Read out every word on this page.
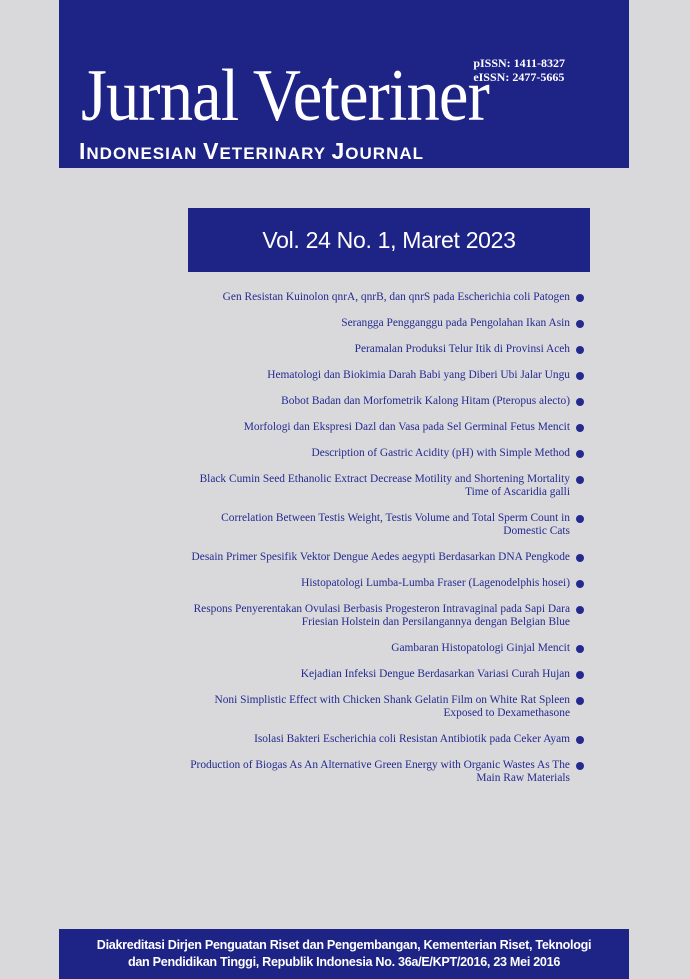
pISSN: 1411-8327
eISSN: 2477-5665
Jurnal Veteriner
INDONESIAN VETERINARY JOURNAL
Vol. 24 No. 1, Maret 2023
Gen Resistan Kuinolon qnrA, qnrB, dan qnrS pada Escherichia coli Patogen
Serangga Pengganggu pada Pengolahan Ikan Asin
Peramalan Produksi Telur Itik di Provinsi Aceh
Hematologi dan Biokimia Darah Babi yang Diberi Ubi Jalar Ungu
Bobot Badan dan Morfometrik Kalong Hitam (Pteropus alecto)
Morfologi dan Ekspresi Dazl dan Vasa pada Sel Germinal Fetus Mencit
Description of Gastric Acidity (pH) with Simple Method
Black Cumin Seed Ethanolic Extract Decrease Motility and Shortening Mortality
Time of Ascaridia galli
Correlation Between Testis Weight, Testis Volume and Total Sperm Count in
Domestic Cats
Desain Primer Spesifik Vektor Dengue Aedes aegypti Berdasarkan DNA Pengkode
Histopatologi Lumba-Lumba Fraser (Lagenodelphis hosei)
Respons Penyerentakan Ovulasi Berbasis Progesteron Intravaginal pada Sapi Dara
Friesian Holstein dan Persilangannya dengan Belgian Blue
Gambaran Histopatologi Ginjal Mencit
Kejadian Infeksi Dengue Berdasarkan Variasi Curah Hujan
Noni Simplistic Effect with Chicken Shank Gelatin Film on White Rat Spleen
Exposed to Dexamethasone
Isolasi Bakteri Escherichia coli Resistan Antibiotik pada Ceker Ayam
Production of Biogas As An Alternative Green Energy with Organic Wastes As The
Main Raw Materials
Diakreditasi Dirjen Penguatan Riset dan Pengembangan, Kementerian Riset, Teknologi
dan Pendidikan Tinggi, Republik Indonesia No. 36a/E/KPT/2016, 23 Mei 2016
